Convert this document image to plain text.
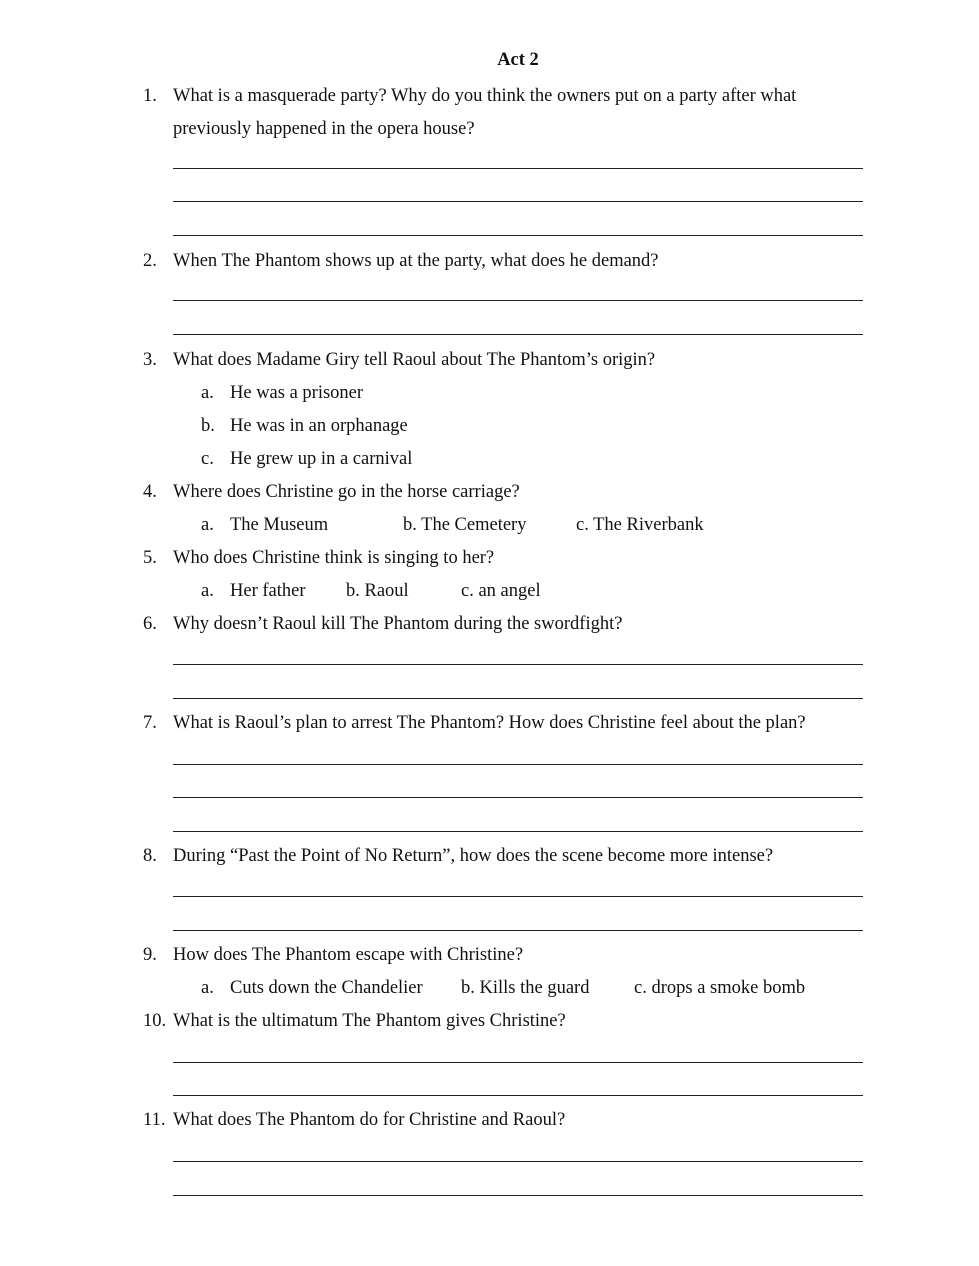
Act 2
1. What is a masquerade party? Why do you think the owners put on a party after what
previously happened in the opera house?
2. When The Phantom shows up at the party, what does he demand?
3. What does Madame Giry tell Raoul about The Phantom’s origin?
a. He was a prisoner
b. He was in an orphanage
c. He grew up in a carnival
4. Where does Christine go in the horse carriage?
a. The Museum	b. The Cemetery	c. The Riverbank
5. Who does Christine think is singing to her?
a. Her father b. Raoul	c. an angel
6. Why doesn’t Raoul kill The Phantom during the swordfight?
7. What is Raoul’s plan to arrest The Phantom? How does Christine feel about the plan?
8. During “Past the Point of No Return”, how does the scene become more intense?
9. How does The Phantom escape with Christine?
a. Cuts down the Chandelier b. Kills the guard c. drops a smoke bomb
10. What is the ultimatum The Phantom gives Christine?
11. What does The Phantom do for Christine and Raoul?
